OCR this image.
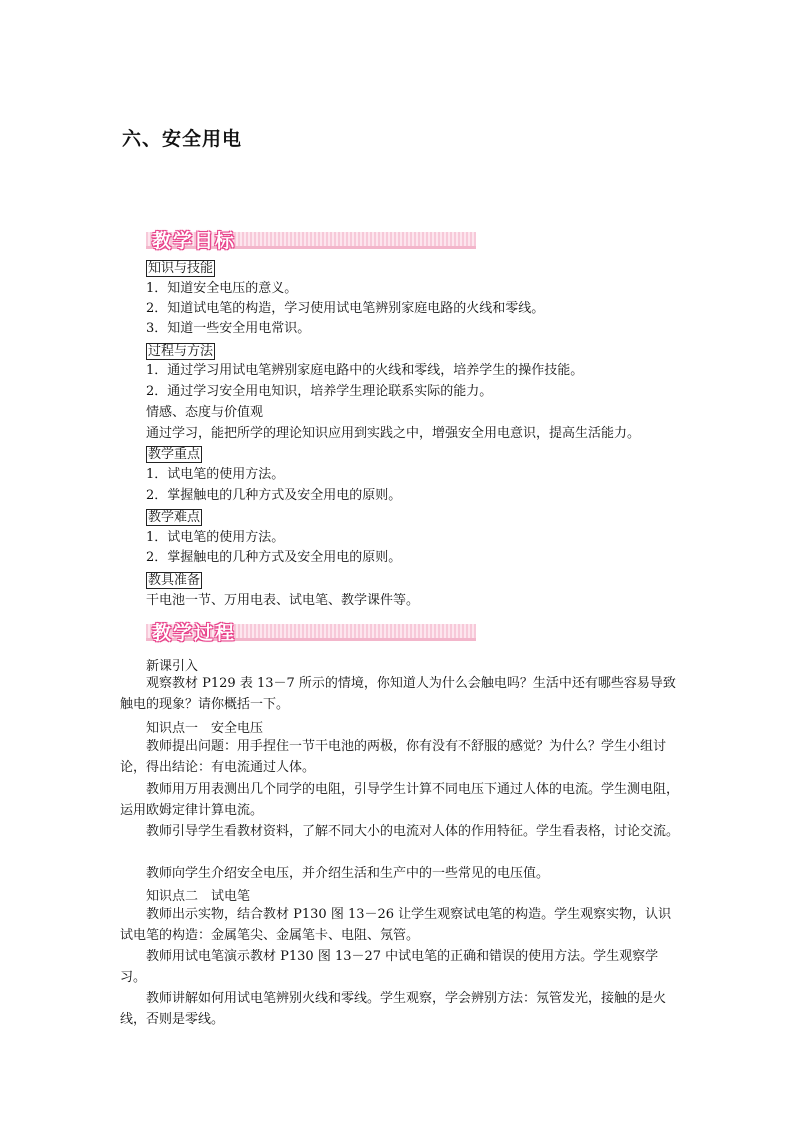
六、安全用电
教学目标
知识与技能
1．知道安全电压的意义。
2．知道试电笔的构造，学习使用试电笔辨别家庭电路的火线和零线。
3．知道一些安全用电常识。
过程与方法
1．通过学习用试电笔辨别家庭电路中的火线和零线，培养学生的操作技能。
2．通过学习安全用电知识，培养学生理论联系实际的能力。
情感、态度与价值观
通过学习，能把所学的理论知识应用到实践之中，增强安全用电意识，提高生活能力。
教学重点
1．试电笔的使用方法。
2．掌握触电的几种方式及安全用电的原则。
教学难点
1．试电笔的使用方法。
2．掌握触电的几种方式及安全用电的原则。
教具准备
干电池一节、万用电表、试电笔、教学课件等。
教学过程
新课引入
观察教材 P129 表 13－7 所示的情境，你知道人为什么会触电吗？生活中还有哪些容易导致触电的现象？请你概括一下。
知识点一　安全电压
教师提出问题：用手捏住一节干电池的两极，你有没有不舒服的感觉？为什么？学生小组讨论，得出结论：有电流通过人体。
教师用万用表测出几个同学的电阻，引导学生计算不同电压下通过人体的电流。学生测电阻，运用欧姆定律计算电流。
教师引导学生看教材资料，了解不同大小的电流对人体的作用特征。学生看表格，讨论交流。
教师向学生介绍安全电压，并介绍生活和生产中的一些常见的电压值。
知识点二　试电笔
教师出示实物，结合教材 P130 图 13－26 让学生观察试电笔的构造。学生观察实物，认识试电笔的构造：金属笔尖、金属笔卡、电阻、氖管。
教师用试电笔演示教材 P130 图 13－27 中试电笔的正确和错误的使用方法。学生观察学习。
教师讲解如何用试电笔辨别火线和零线。学生观察，学会辨别方法：氖管发光，接触的是火线，否则是零线。
